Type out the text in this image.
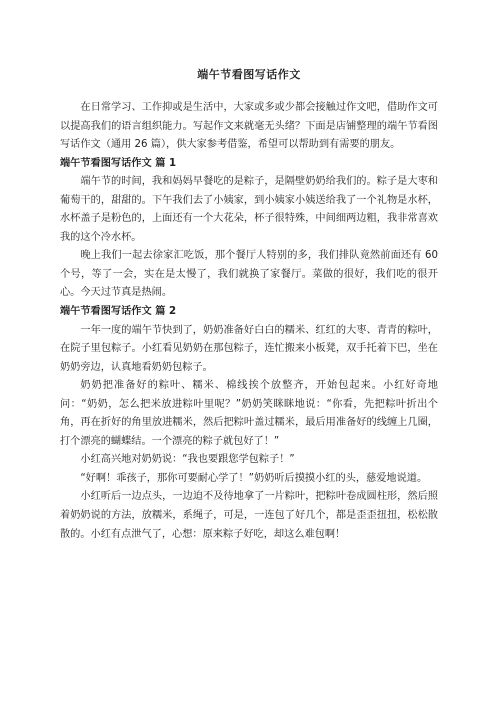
端午节看图写话作文

在日常学习、工作抑或是生活中，大家或多或少都会接触过作文吧，借助作文可以提高我们的语言组织能力。写起作文来就毫无头绪？下面是店铺整理的端午节看图写话作文（通用 26 篇），供大家参考借鉴，希望可以帮助到有需要的朋友。

端午节看图写话作文 篇 1

端午节的时间，我和妈妈早餐吃的是粽子，是隔壁奶奶给我们的。粽子是大枣和葡萄干的，甜甜的。下午我们去了小姨家，到小姨家小姨送给我了一个礼物是水杯，水杯盖子是粉色的，上面还有一个大花朵，杯子很特殊，中间细两边粗，我非常喜欢我的这个冷水杯。

晚上我们一起去徐家汇吃饭，那个餐厅人特别的多，我们排队竟然前面还有 60 个号，等了一会，实在是太慢了，我们就换了家餐厅。菜做的很好，我们吃的很开心。今天过节真是热闹。

端午节看图写话作文 篇 2

一年一度的端午节快到了，奶奶准备好白白的糯米、红红的大枣、青青的粽叶，在院子里包粽子。小红看见奶奶在那包粽子，连忙搬来小板凳，双手托着下巴，坐在奶奶旁边，认真地看奶奶包粽子。

奶奶把准备好的粽叶、糯米、棉线挨个放整齐，开始包起来。小红好奇地问：“奶奶，怎么把米放进粽叶里呢？”奶奶笑眯眯地说：“你看，先把粽叶折出个角，再在折好的角里放进糯米，然后把粽叶盖过糯米，最后用准备好的线缠上几圈，打个漂亮的蝴蝶结。一个漂亮的粽子就包好了！”

小红高兴地对奶奶说：“我也要跟您学包粽子！”

“好啊！乖孩子，那你可要耐心学了！”奶奶听后摸摸小红的头，慈爱地说道。

小红听后一边点头，一边迫不及待地拿了一片粽叶，把粽叶卷成圆柱形，然后照着奶奶说的方法，放糯米，系绳子，可是，一连包了好几个，都是歪歪扭扭，松松散散的。小红有点泄气了，心想：原来粽子好吃，却这么难包啊！
